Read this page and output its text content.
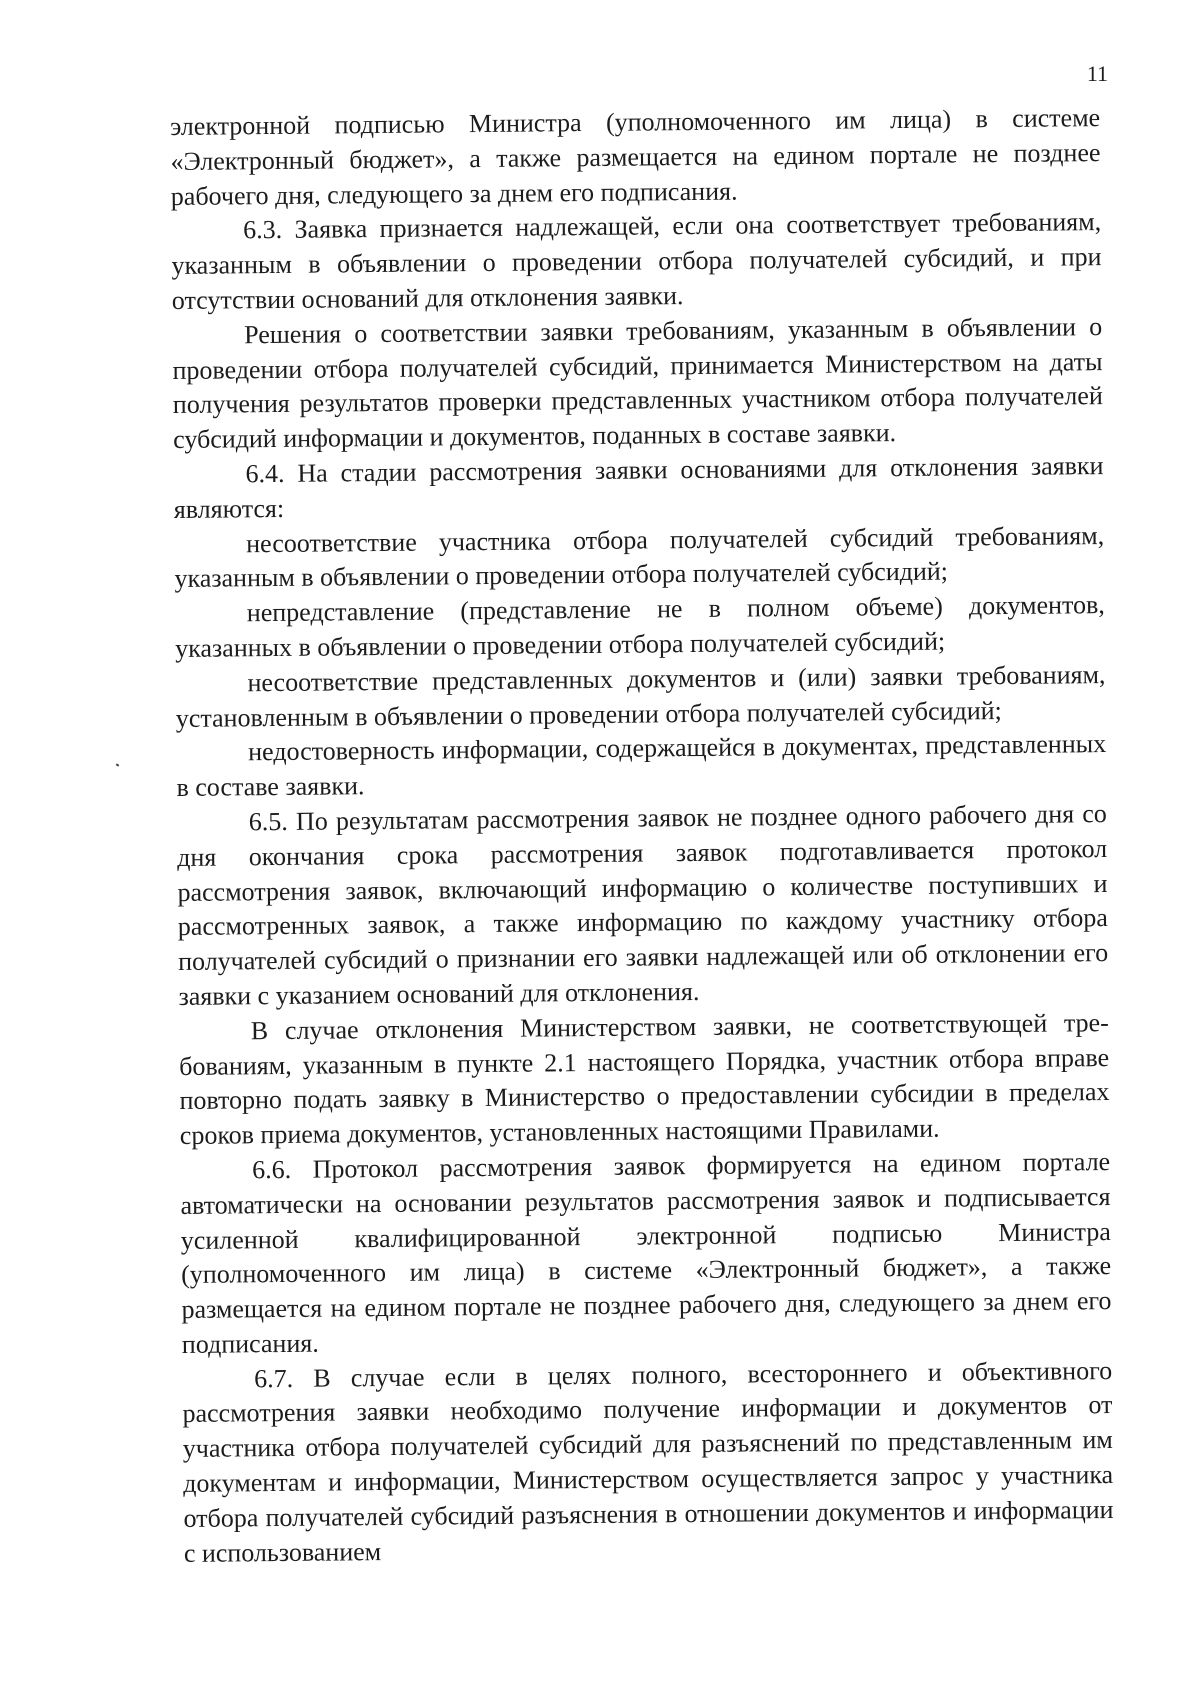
11

электронной подписью Министра (уполномоченного им лица) в системе «Электронный бюджет», а также размещается на едином портале не позднее рабочего дня, следующего за днем его подписания.

6.3. Заявка признается надлежащей, если она соответствует требованиям, указанным в объявлении о проведении отбора получателей субсидий, и при отсутствии оснований для отклонения заявки.

Решения о соответствии заявки требованиям, указанным в объявлении о проведении отбора получателей субсидий, принимается Министерством на даты получения результатов проверки представленных участником отбора получателей субсидий информации и документов, поданных в составе заявки.

6.4. На стадии рассмотрения заявки основаниями для отклонения заявки являются:

несоответствие участника отбора получателей субсидий требованиям, указанным в объявлении о проведении отбора получателей субсидий;

непредставление (представление не в полном объеме) документов, указанных в объявлении о проведении отбора получателей субсидий;

несоответствие представленных документов и (или) заявки требованиям, установленным в объявлении о проведении отбора получателей субсидий;

недостоверность информации, содержащейся в документах, представленных в составе заявки.

6.5. По результатам рассмотрения заявок не позднее одного рабочего дня со дня окончания срока рассмотрения заявок подготавливается протокол рассмотрения заявок, включающий информацию о количестве поступивших и рассмотренных заявок, а также информацию по каждому участнику отбора получателей субсидий о признании его заявки надлежащей или об отклонении его заявки с указанием оснований для отклонения.

В случае отклонения Министерством заявки, не соответствующей требованиям, указанным в пункте 2.1 настоящего Порядка, участник отбора вправе повторно подать заявку в Министерство о предоставлении субсидии в пределах сроков приема документов, установленных настоящими Правилами.

6.6. Протокол рассмотрения заявок формируется на едином портале автоматически на основании результатов рассмотрения заявок и подписывается усиленной квалифицированной электронной подписью Министра (уполномоченного им лица) в системе «Электронный бюджет», а также размещается на едином портале не позднее рабочего дня, следующего за днем его подписания.

6.7. В случае если в целях полного, всестороннего и объективного рассмотрения заявки необходимо получение информации и документов от участника отбора получателей субсидий для разъяснений по представленным им документам и информации, Министерством осуществляется запрос у участника отбора получателей субсидий разъяснения в отношении документов и информации с использованием
